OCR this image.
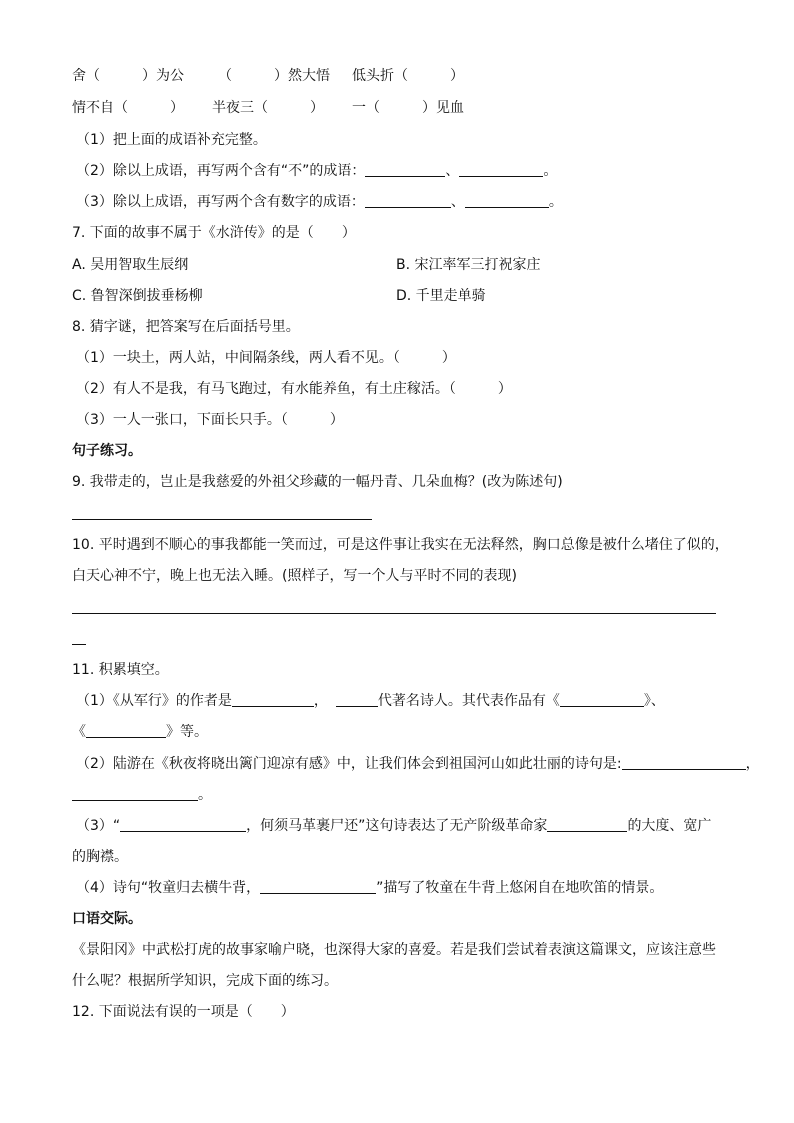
舍（	）为公 （	）然大悟 低头折（	）
情不自（	） 半夜三（	） 一（	）见血
（1）把上面的成语补充完整。
（2）除以上成语，再写两个含有“不”的成语：	、	。
（3）除以上成语，再写两个含有数字的成语：	、	。
7. 下面的故事不属于《水浒传》的是（ ）
A. 吴用智取生辰纲	B. 宋江率军三打祝家庄
C. 鲁智深倒拔垂杨柳	D. 千里走单骑
8. 猜字谜，把答案写在后面括号里。
（1）一块土，两人站，中间隔条线，两人看不见。（	）
（2）有人不是我，有马飞跑过，有水能养鱼，有土庄稼活。（	）
（3）一人一张口，下面长只手。（	）
句子练习。
9. 我带走的，岂止是我慈爱的外祖父珍藏的一幅丹青、几朵血梅？(改为陈述句)
10. 平时遇到不顺心的事我都能一笑而过，可是这件事让我实在无法释然，胸口总像是被什么堵住了似的，
白天心神不宁，晚上也无法入睡。(照样子，写一个人与平时不同的表现)
11. 积累填空。
（1）《从军行》的作者是	，	代著名诗人。其代表作品有《	》、
《	》等。
（2）陆游在《秋夜将晓出篱门迎凉有感》中，让我们体会到祖国河山如此壮丽的诗句是:	，
。
（3）“	，何须马革裹尸还”这句诗表达了无产阶级革命家	的大度、宽广
的胸襟。
（4）诗句“牧童归去横牛背，	”描写了牧童在牛背上悠闲自在地吹笛的情景。
口语交际。
《景阳冈》中武松打虎的故事家喻户晓，也深得大家的喜爱。若是我们尝试着表演这篇课文，应该注意些
什么呢？根据所学知识，完成下面的练习。
12. 下面说法有误的一项是（ ）
